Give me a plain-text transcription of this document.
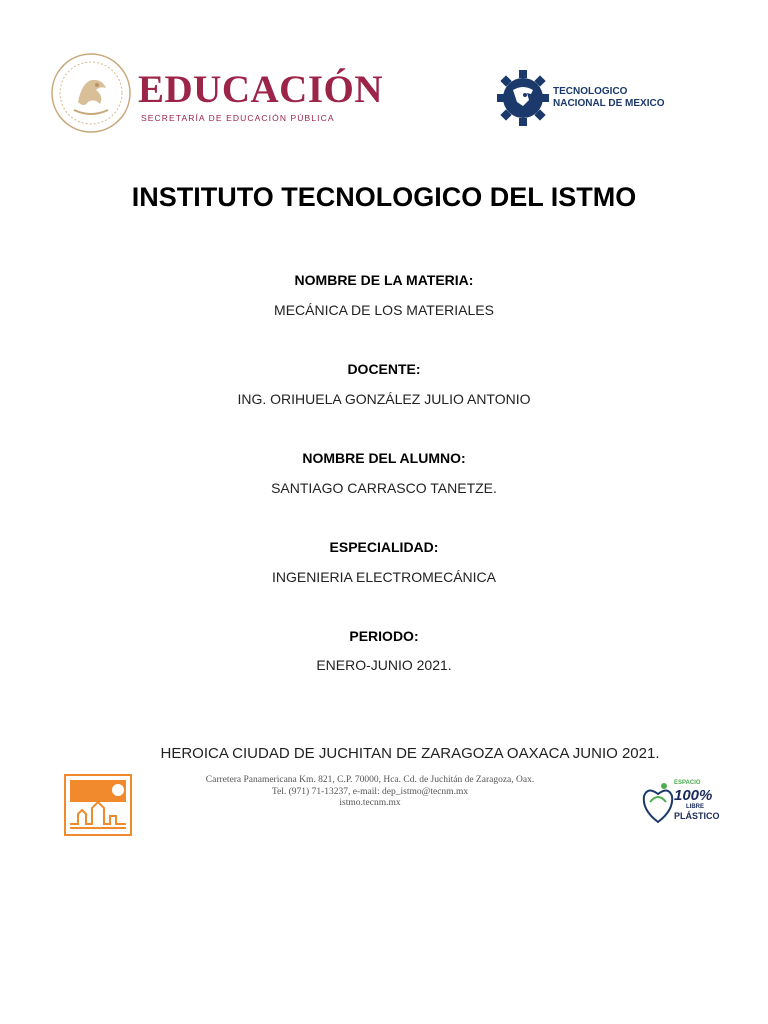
EDUCACIÓN
SECRETARÍA DE EDUCACIÓN PÚBLICA
TECNOLOGICO
NACIONAL DE MEXICO
INSTITUTO TECNOLOGICO DEL ISTMO
NOMBRE DE LA MATERIA:
MECÁNICA DE LOS MATERIALES
DOCENTE:
ING. ORIHUELA GONZÁLEZ JULIO ANTONIO
NOMBRE DEL ALUMNO:
SANTIAGO CARRASCO TANETZE.
ESPECIALIDAD:
INGENIERIA ELECTROMECÁNICA
PERIODO:
ENERO-JUNIO 2021.
HEROICA CIUDAD DE JUCHITAN DE ZARAGOZA OAXACA JUNIO 2021.
Carretera Panamericana Km. 821, C.P. 70000, Hca. Cd. de Juchitán de Zaragoza, Oax.
Tel. (971) 71-13237, e-mail: dep_istmo@tecnm.mx
istmo.tecnm.mx
ESPACIO
100%
LIBRE
PLÁSTICO
